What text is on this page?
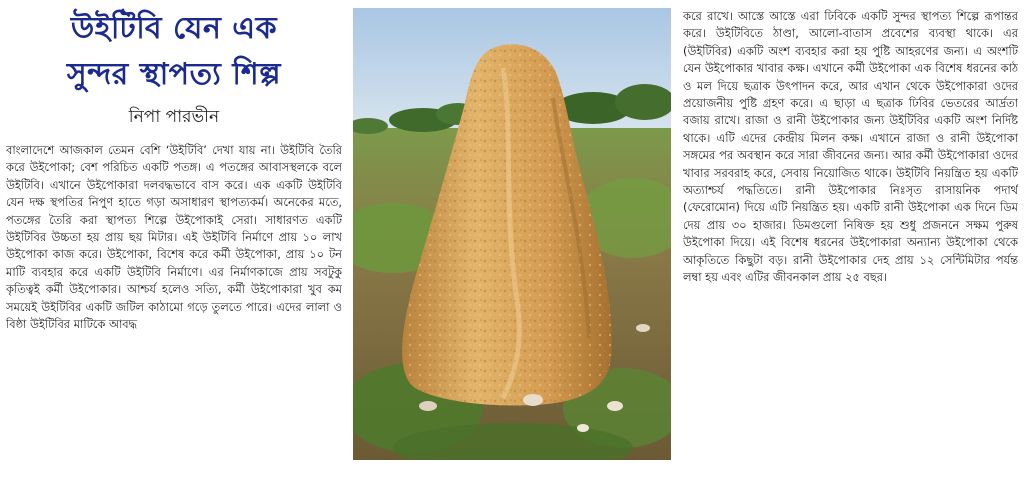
উইটিবি যেন এক
সুন্দর স্থাপত্য শিল্প
নিপা পারভীন

বাংলাদেশে আজকাল তেমন বেশি ‘উইটিবি’ দেখা যায় না। উইটিবি তৈরি করে উইপোকা; বেশ পরিচিত একটি পতঙ্গ। এ পতঙ্গের আবাসস্থলকে বলে উইটিবি। এখানে উইপোকারা দলবদ্ধভাবে বাস করে। এক একটি উইটিবি যেন দক্ষ স্থপতির নিপুণ হাতে গড়া অসাধারণ স্থাপত্যকর্ম। অনেকের মতে, পতঙ্গের তৈরি করা স্থাপত্য শিল্পে উইপোকাই সেরা। সাধারণত একটি উইটিবির উচ্চতা হয় প্রায় ছয় মিটার। এই উইটিবি নির্মাণে প্রায় ১০ লাখ উইপোকা কাজ করে। উইপোকা, বিশেষ করে কর্মী উইপোকা, প্রায় ১০ টন মাটি ব্যবহার করে একটি উইটিবি নির্মাণে। এর নির্মাণকাজে প্রায় সবটুকু কৃতিত্বই কর্মী উইপোকার। আশ্চর্য হলেও সত্যি, কর্মী উইপোকারা খুব কম সময়েই উইটিবির একটি জটিল কাঠামো গড়ে তুলতে পারে। এদের লালা ও বিষ্ঠা উইটিবির মাটিকে আবদ্ধ

করে রাখে। আস্তে আস্তে এরা ঢিবিকে একটি সুন্দর স্থাপত্য শিল্পে রূপান্তর করে। উইটিবিতে ঠাণ্ডা, আলো-বাতাস প্রবেশের ব্যবস্থা থাকে। এর (উইটিবির) একটি অংশ ব্যবহার করা হয় পুষ্টি আহরণের জন্য। এ অংশটি যেন উইপোকার খাবার কক্ষ। এখানে কর্মী উইপোকা এক বিশেষ ধরনের কাঠ ও মল দিয়ে ছত্রাক উৎপাদন করে, আর এখান থেকে উইপোকারা ওদের প্রয়োজনীয় পুষ্টি গ্রহণ করে। এ ছাড়া এ ছত্রাক ঢিবির ভেতরের আর্দ্রতা বজায় রাখে। রাজা ও রানী উইপোকার জন্য উইটিবির একটি অংশ নির্দিষ্ট থাকে। এটি এদের কেন্দ্রীয় মিলন কক্ষ। এখানে রাজা ও রানী উইপোকা সঙ্গমের পর অবস্থান করে সারা জীবনের জন্য। আর কর্মী উইপোকারা ওদের খাবার সরবরাহ করে, সেবায় নিয়োজিত থাকে। উইটিবি নিয়ন্ত্রিত হয় একটি অত্যাশ্চর্য পদ্ধতিতে। রানী উইপোকার নিঃসৃত রাসায়নিক পদার্থ (ফেরোমোন) দিয়ে এটি নিয়ন্ত্রিত হয়। একটি রানী উইপোকা এক দিনে ডিম দেয় প্রায় ৩০ হাজার। ডিমগুলো নিষিক্ত হয় শুধু প্রজননে সক্ষম পুরুষ উইপোকা দিয়ে। এই বিশেষ ধরনের উইপোকারা অন্যান্য উইপোকা থেকে আকৃতিতে কিছুটা বড়। রানী উইপোকার দেহ প্রায় ১২ সেন্টিমিটার পর্যন্ত লম্বা হয় এবং এটির জীবনকাল প্রায় ২৫ বছর।
